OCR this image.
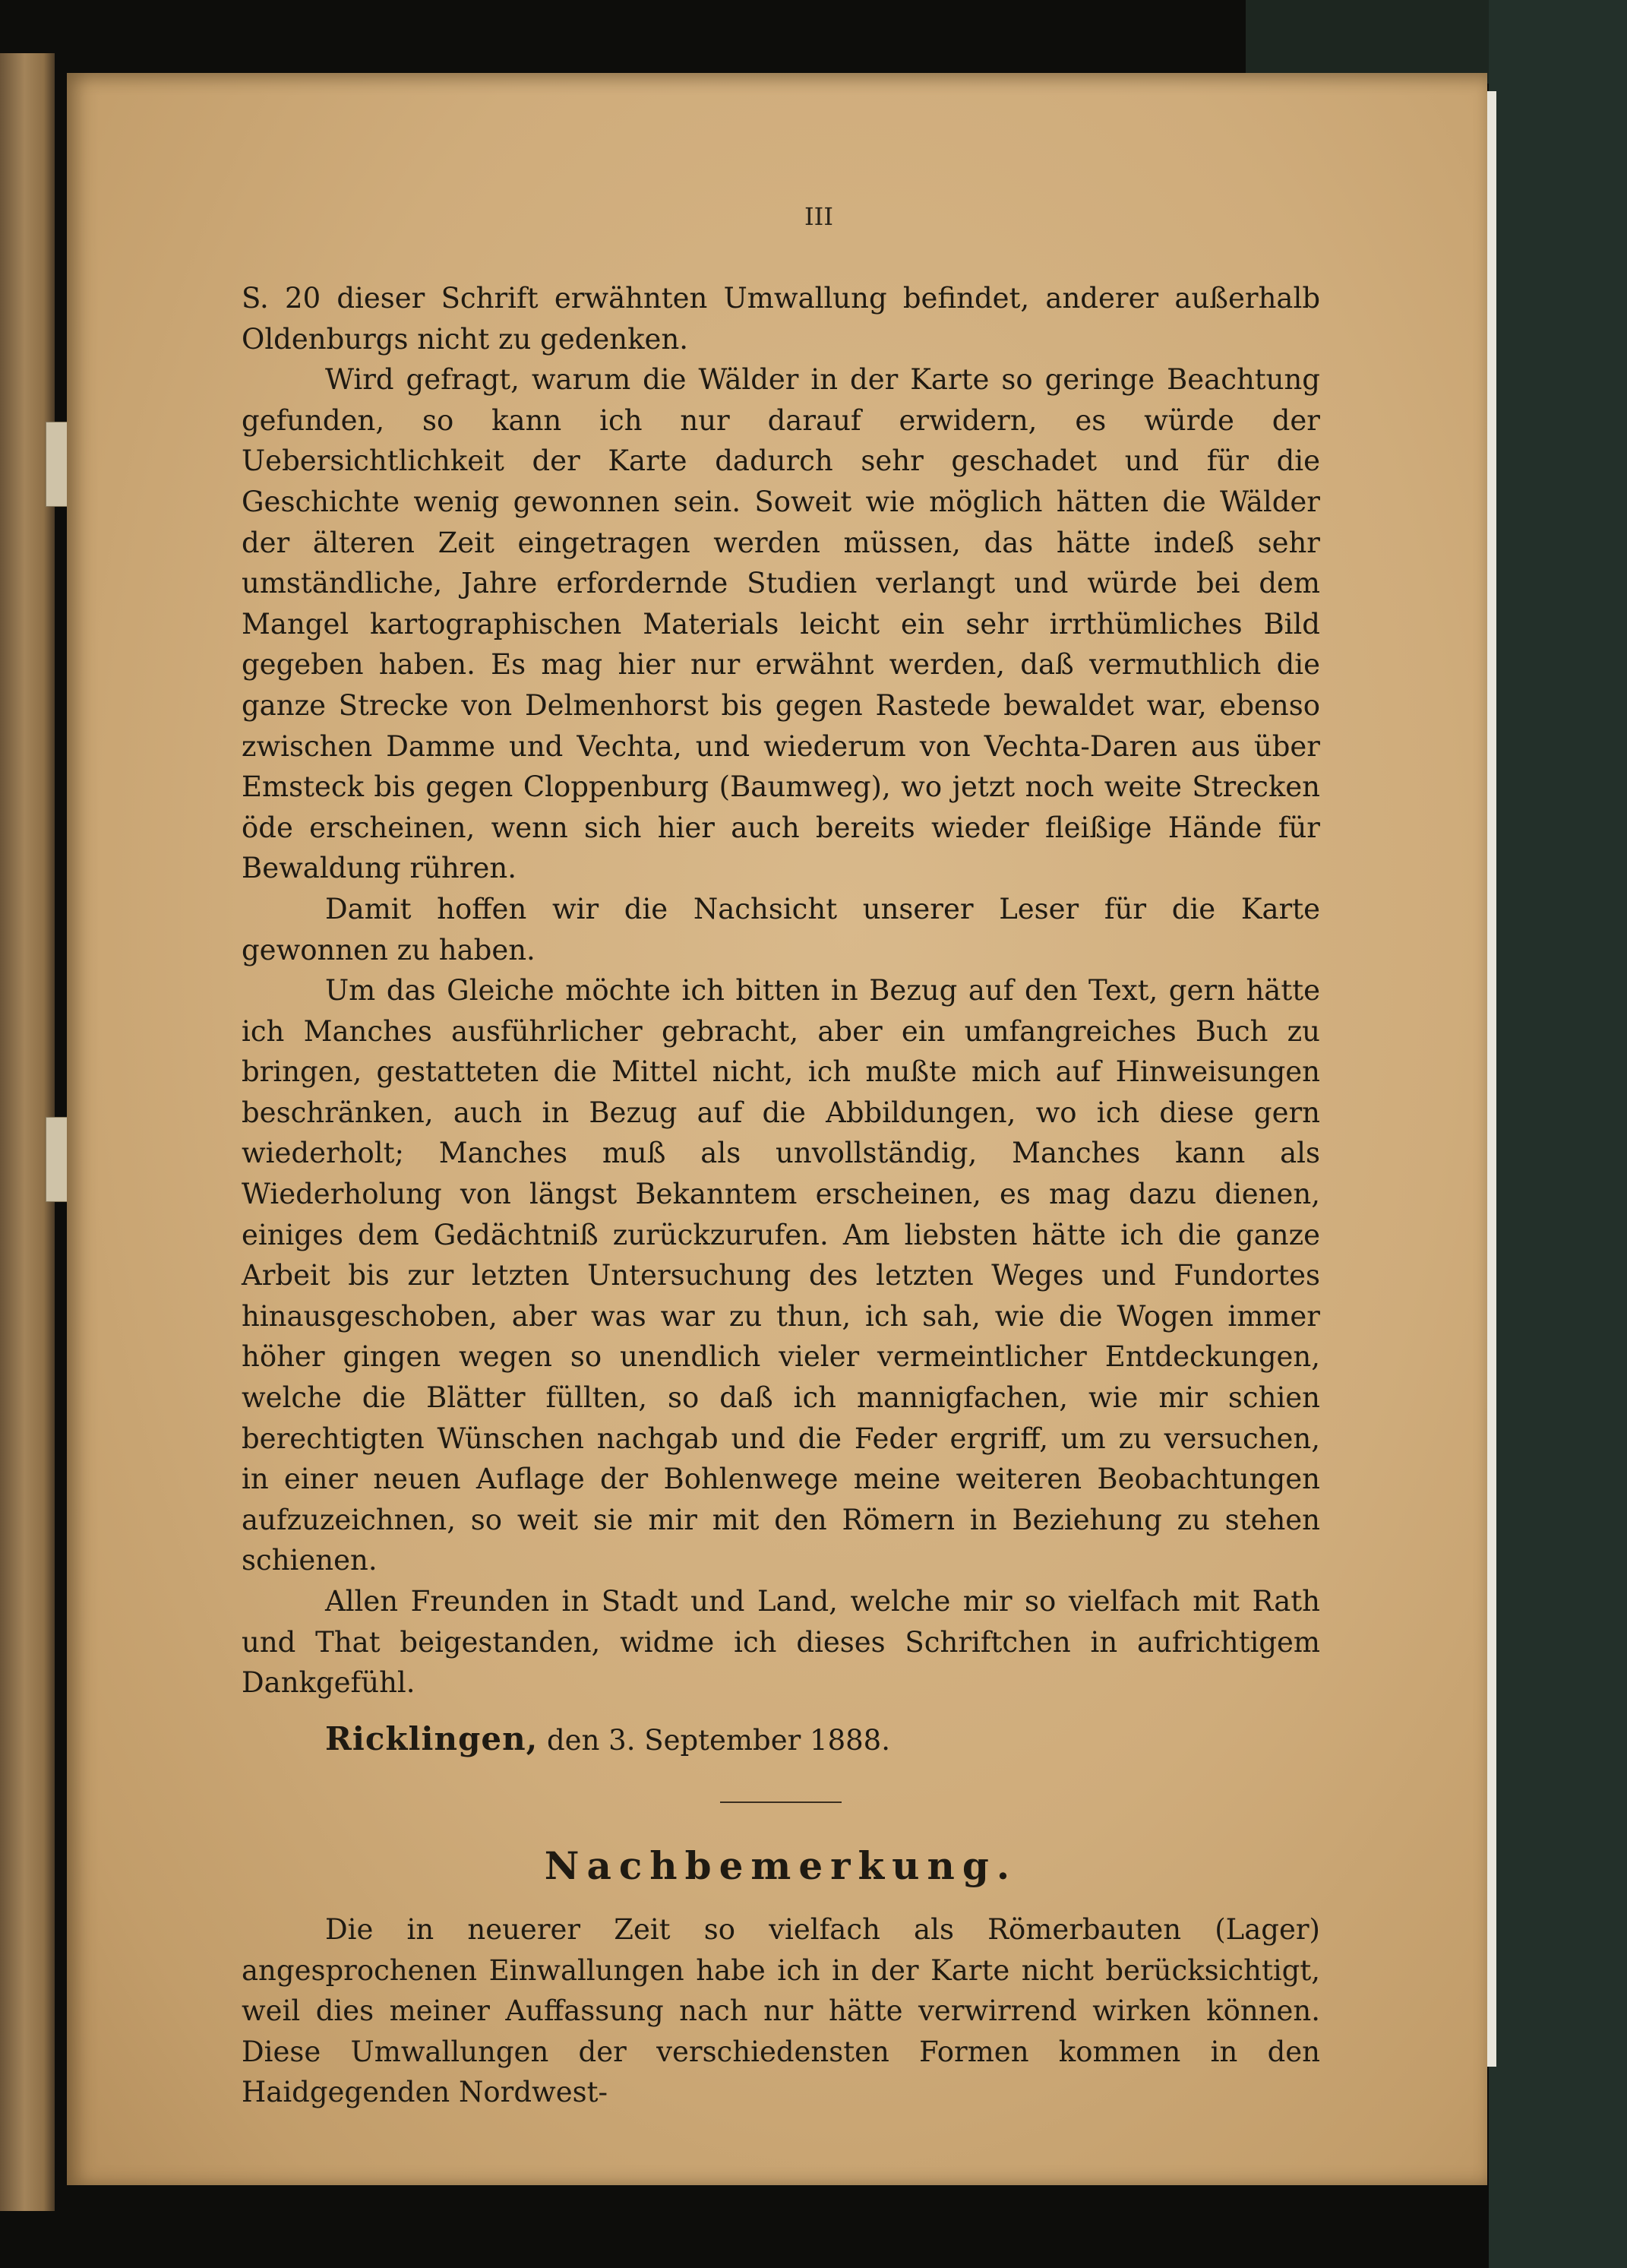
III

S. 20 dieser Schrift erwähnten Umwallung befindet, anderer außerhalb Oldenburgs nicht zu gedenken.

Wird gefragt, warum die Wälder in der Karte so geringe Beachtung gefunden, so kann ich nur darauf erwidern, es würde der Uebersichtlichkeit der Karte dadurch sehr geschadet und für die Geschichte wenig gewonnen sein. Soweit wie möglich hätten die Wälder der älteren Zeit eingetragen werden müssen, das hätte indeß sehr umständliche, Jahre erfordernde Studien verlangt und würde bei dem Mangel kartographischen Materials leicht ein sehr irrthümliches Bild gegeben haben. Es mag hier nur erwähnt werden, daß vermuthlich die ganze Strecke von Delmenhorst bis gegen Rastede bewaldet war, ebenso zwischen Damme und Vechta, und wiederum von Vechta-Daren aus über Emsteck bis gegen Cloppenburg (Baumweg), wo jetzt noch weite Strecken öde erscheinen, wenn sich hier auch bereits wieder fleißige Hände für Bewaldung rühren.

Damit hoffen wir die Nachsicht unserer Leser für die Karte gewonnen zu haben.

Um das Gleiche möchte ich bitten in Bezug auf den Text, gern hätte ich Manches ausführlicher gebracht, aber ein umfangreiches Buch zu bringen, gestatteten die Mittel nicht, ich mußte mich auf Hinweisungen beschränken, auch in Bezug auf die Abbildungen, wo ich diese gern wiederholt; Manches muß als unvollständig, Manches kann als Wiederholung von längst Bekanntem erscheinen, es mag dazu dienen, einiges dem Gedächtniß zurückzurufen. Am liebsten hätte ich die ganze Arbeit bis zur letzten Untersuchung des letzten Weges und Fundortes hinausgeschoben, aber was war zu thun, ich sah, wie die Wogen immer höher gingen wegen so unendlich vieler vermeintlicher Entdeckungen, welche die Blätter füllten, so daß ich mannigfachen, wie mir schien berechtigten Wünschen nachgab und die Feder ergriff, um zu versuchen, in einer neuen Auflage der Bohlenwege meine weiteren Beobachtungen aufzuzeichnen, so weit sie mir mit den Römern in Beziehung zu stehen schienen.

Allen Freunden in Stadt und Land, welche mir so vielfach mit Rath und That beigestanden, widme ich dieses Schriftchen in aufrichtigem Dankgefühl.

Ricklingen, den 3. September 1888.

Nachbemerkung.

Die in neuerer Zeit so vielfach als Römerbauten (Lager) angesprochenen Einwallungen habe ich in der Karte nicht berücksichtigt, weil dies meiner Auffassung nach nur hätte verwirrend wirken können. Diese Umwallungen der verschiedensten Formen kommen in den Haidgegenden Nordwest-
